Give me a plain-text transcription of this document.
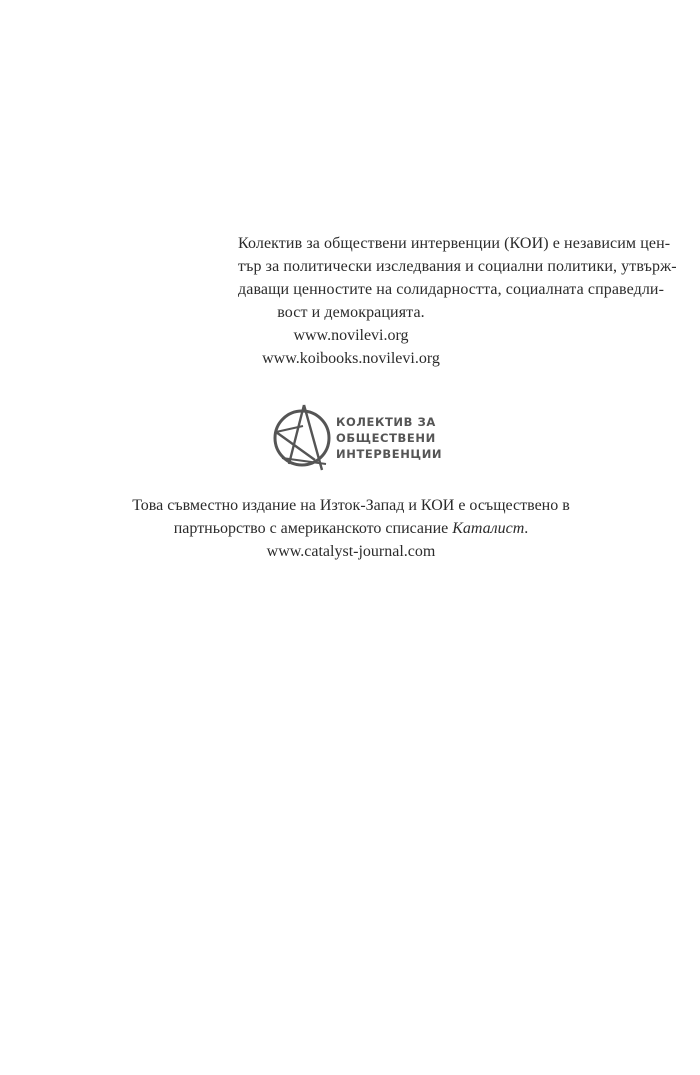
Колектив за обществени интервенции (КОИ) е независим цен-
тър за политически изследвания и социални политики, утвърж-
даващи ценностите на солидарността, социалната справедли-
вост и демокрацията.
www.novilevi.org
www.koibooks.novilevi.org
КОЛЕКТИВ ЗА
ОБЩЕСТВЕНИ
ИНТЕРВЕНЦИИ
Това съвместно издание на Изток-Запад и КОИ е осъществено в
партньорство с американското списание Каталист.
www.catalyst-journal.com
